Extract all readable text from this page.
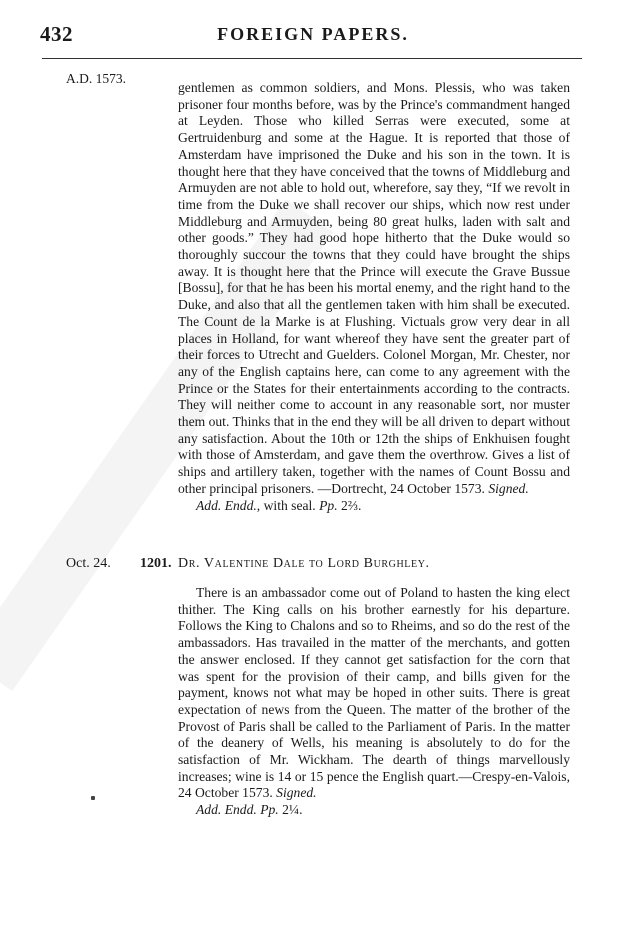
432	FOREIGN PAPERS.
A.D. 1573.

gentlemen as common soldiers, and Mons. Plessis, who was taken prisoner four months before, was by the Prince's commandment hanged at Leyden. Those who killed Serras were executed, some at Gertruidenburg and some at the Hague. It is reported that those of Amsterdam have imprisoned the Duke and his son in the town. It is thought here that they have conceived that the towns of Middleburg and Armuyden are not able to hold out, wherefore, say they, “If we revolt in time from the Duke we shall recover our ships, which now rest under Middleburg and Armuyden, being 80 great hulks, laden with salt and other goods.” They had good hope hitherto that the Duke would so thoroughly succour the towns that they could have brought the ships away. It is thought here that the Prince will execute the Grave Bussue [Bossu], for that he has been his mortal enemy, and the right hand to the Duke, and also that all the gentlemen taken with him shall be executed. The Count de la Marke is at Flushing. Victuals grow very dear in all places in Holland, for want whereof they have sent the greater part of their forces to Utrecht and Guelders. Colonel Morgan, Mr. Chester, nor any of the English captains here, can come to any agreement with the Prince or the States for their entertainments according to the contracts. They will neither come to account in any reasonable sort, nor muster them out. Thinks that in the end they will be all driven to depart without any satisfaction. About the 10th or 12th the ships of Enkhuisen fought with those of Amsterdam, and gave them the overthrow. Gives a list of ships and artillery taken, together with the names of Count Bossu and other principal prisoners. —Dortrecht, 24 October 1573. Signed.

Add. Endd., with seal. Pp. 2⅔.

Oct. 24. 1201. Dr. Valentine Dale to Lord Burghley.

There is an ambassador come out of Poland to hasten the king elect thither. The King calls on his brother earnestly for his departure. Follows the King to Chalons and so to Rheims, and so do the rest of the ambassadors. Has travailed in the matter of the merchants, and gotten the answer enclosed. If they cannot get satisfaction for the corn that was spent for the provision of their camp, and bills given for the payment, knows not what may be hoped in other suits. There is great expectation of news from the Queen. The matter of the brother of the Provost of Paris shall be called to the Parliament of Paris. In the matter of the deanery of Wells, his meaning is absolutely to do for the satisfaction of Mr. Wickham. The dearth of things marvellously increases; wine is 14 or 15 pence the English quart.—Crespy-en-Valois, 24 October 1573. Signed.

Add. Endd. Pp. 2¼.
